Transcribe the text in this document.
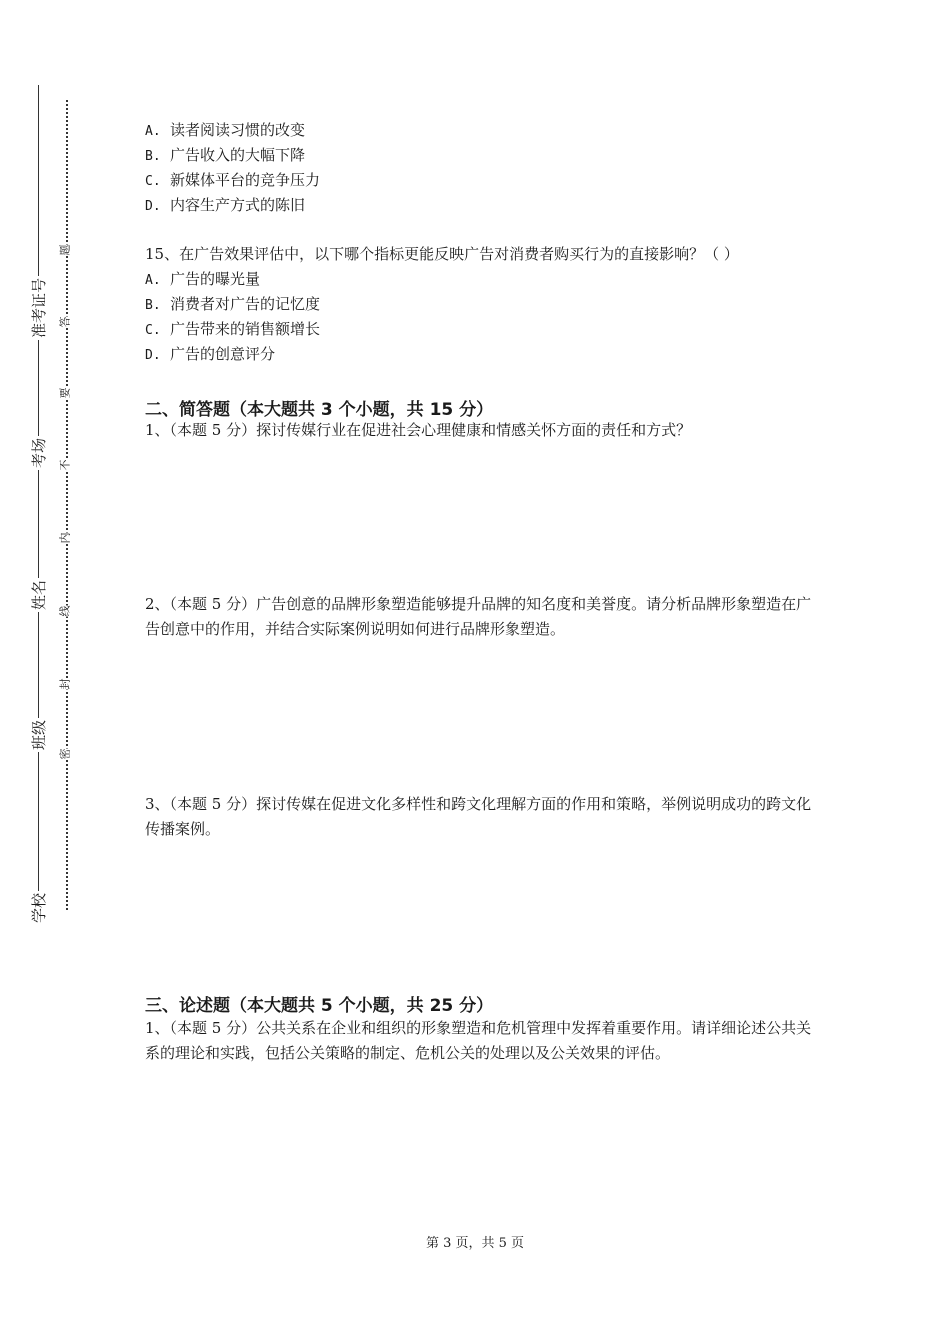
学校
班级
姓名
考场
准考证号
密
封
线
内
不
要
答
题
A. 读者阅读习惯的改变
B. 广告收入的大幅下降
C. 新媒体平台的竞争压力
D. 内容生产方式的陈旧
15、在广告效果评估中，以下哪个指标更能反映广告对消费者购买行为的直接影响？（ ）
A. 广告的曝光量
B. 消费者对广告的记忆度
C. 广告带来的销售额增长
D. 广告的创意评分
二、简答题（本大题共 3 个小题，共 15 分）
1、（本题 5 分）探讨传媒行业在促进社会心理健康和情感关怀方面的责任和方式？
2、（本题 5 分）广告创意的品牌形象塑造能够提升品牌的知名度和美誉度。请分析品牌形象塑造在广告创意中的作用，并结合实际案例说明如何进行品牌形象塑造。
3、（本题 5 分）探讨传媒在促进文化多样性和跨文化理解方面的作用和策略，举例说明成功的跨文化传播案例。
三、论述题（本大题共 5 个小题，共 25 分）
1、（本题 5 分）公共关系在企业和组织的形象塑造和危机管理中发挥着重要作用。请详细论述公共关系的理论和实践，包括公关策略的制定、危机公关的处理以及公关效果的评估。
第 3 页，共 5 页
